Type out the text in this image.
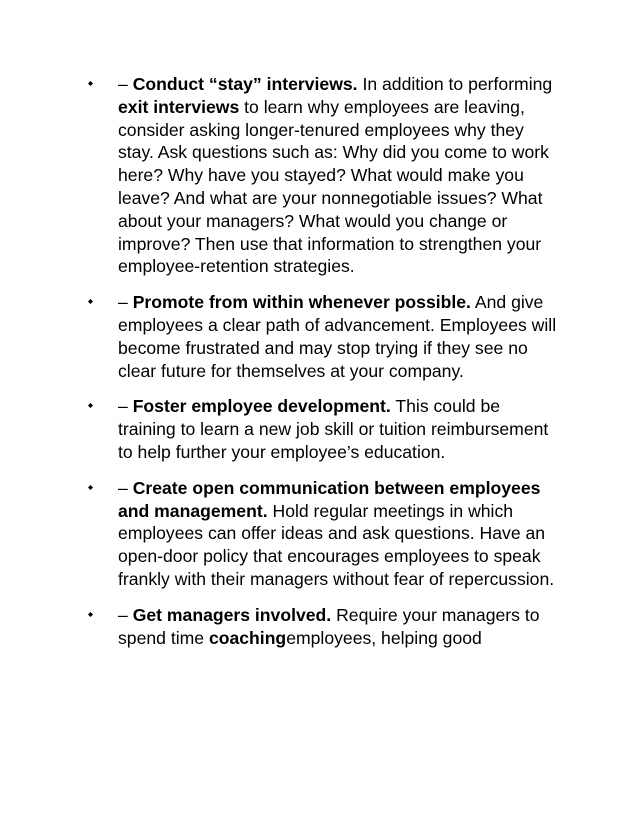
– Conduct “stay” interviews. In addition to performing exit interviews to learn why employees are leaving, consider asking longer-tenured employees why they stay. Ask questions such as: Why did you come to work here? Why have you stayed? What would make you leave? And what are your nonnegotiable issues? What about your managers? What would you change or improve? Then use that information to strengthen your employee-retention strategies.
– Promote from within whenever possible. And give employees a clear path of advancement. Employees will become frustrated and may stop trying if they see no clear future for themselves at your company.
– Foster employee development. This could be training to learn a new job skill or tuition reimbursement to help further your employee’s education.
– Create open communication between employees and management. Hold regular meetings in which employees can offer ideas and ask questions. Have an open-door policy that encourages employees to speak frankly with their managers without fear of repercussion.
– Get managers involved. Require your managers to spend time coachingemployees, helping good
